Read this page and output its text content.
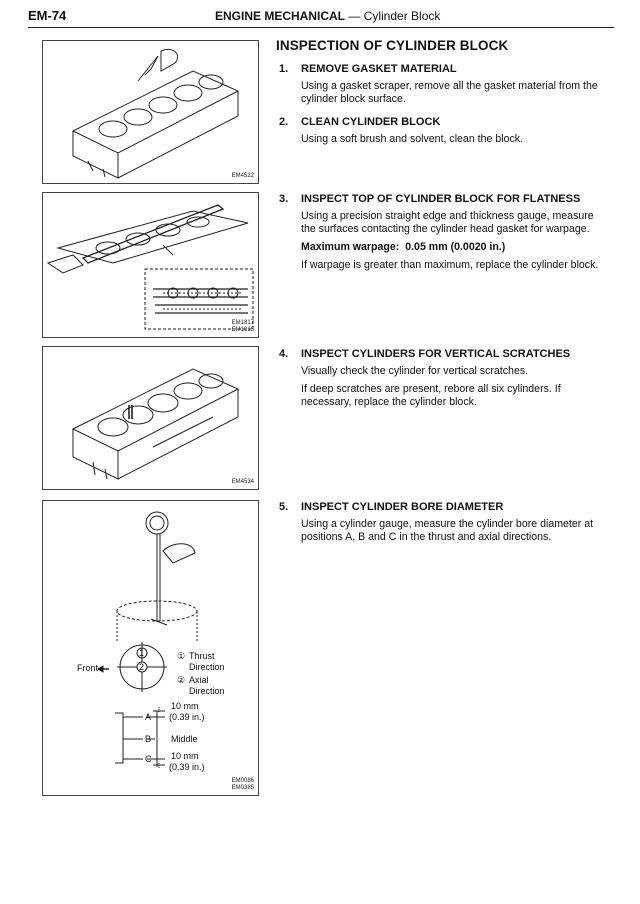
EM-74	ENGINE MECHANICAL — Cylinder Block
EM4522
EM1817
EM1818
EM4534
Front
1
2
① Thrust
Direction
② Axial
Direction
A
B
C
10 mm
(0.39 in.)
Middle
10 mm
(0.39 in.)
EM0086
EM0385
INSPECTION OF CYLINDER BLOCK
1. REMOVE GASKET MATERIAL

Using a gasket scraper, remove all the gasket material from the cylinder block surface.

2. CLEAN CYLINDER BLOCK

Using a soft brush and solvent, clean the block.

3. INSPECT TOP OF CYLINDER BLOCK FOR FLATNESS

Using a precision straight edge and thickness gauge, measure the surfaces contacting the cylinder head gasket for warpage.

Maximum warpage: 0.05 mm (0.0020 in.)

If warpage is greater than maximum, replace the cylinder block.

4. INSPECT CYLINDERS FOR VERTICAL SCRATCHES

Visually check the cylinder for vertical scratches.

If deep scratches are present, rebore all six cylinders. If necessary, replace the cylinder block.

5. INSPECT CYLINDER BORE DIAMETER

Using a cylinder gauge, measure the cylinder bore diameter at positions A, B and C in the thrust and axial directions.
